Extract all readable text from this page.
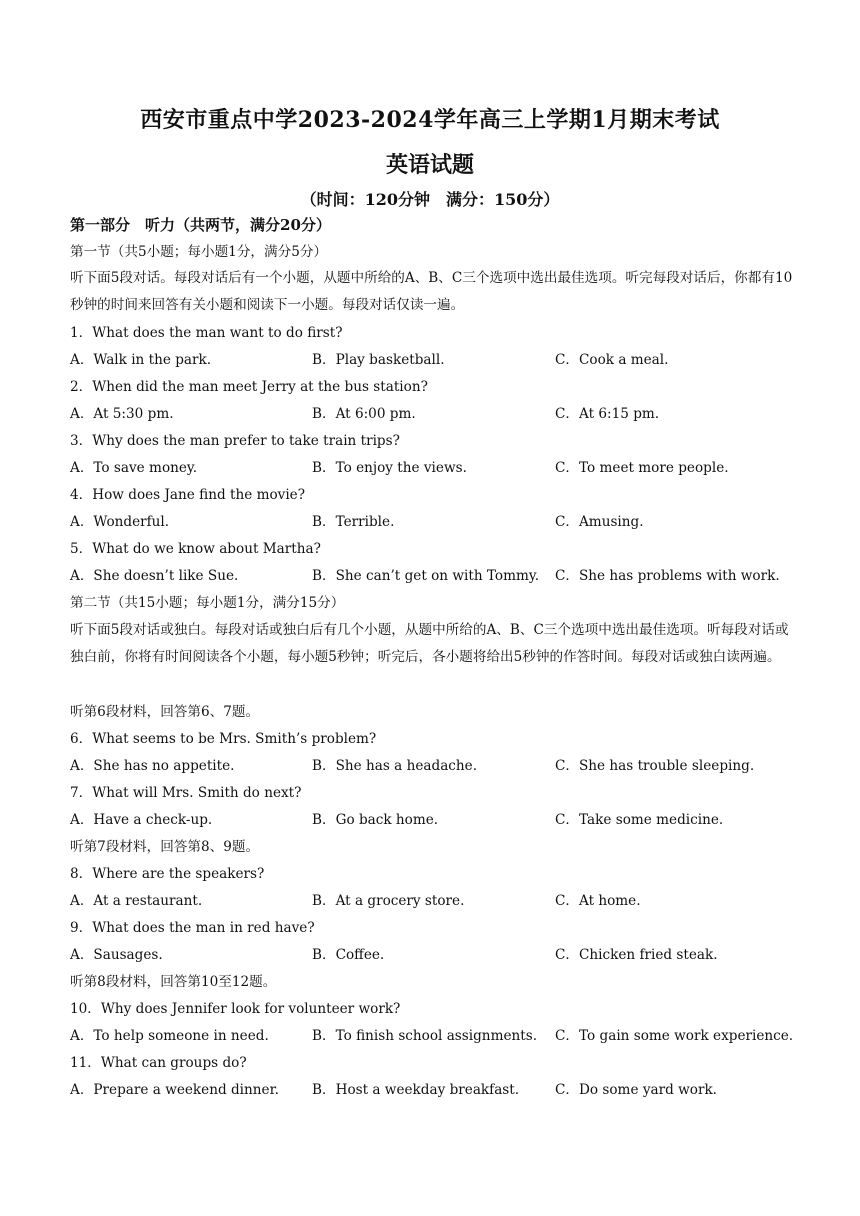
西安市重点中学2023-2024学年高三上学期1月期末考试
英语试题
（时间：120分钟　满分：150分）
第一部分　听力（共两节，满分20分）
第一节（共5小题；每小题1分，满分5分）
听下面5段对话。每段对话后有一个小题，从题中所给的A、B、C三个选项中选出最佳选项。听完每段对话后，你都有10秒钟的时间来回答有关小题和阅读下一小题。每段对话仅读一遍。
1．What does the man want to do first?
A．Walk in the park.	B．Play basketball.	C．Cook a meal.
2．When did the man meet Jerry at the bus station?
A．At 5:30 pm.	B．At 6:00 pm.	C．At 6:15 pm.
3．Why does the man prefer to take train trips?
A．To save money.	B．To enjoy the views.	C．To meet more people.
4．How does Jane find the movie?
A．Wonderful.	B．Terrible.	C．Amusing.
5．What do we know about Martha?
A．She doesn’t like Sue.	B．She can’t get on with Tommy. C．She has problems with work.
第二节（共15小题；每小题1分，满分15分）
听下面5段对话或独白。每段对话或独白后有几个小题，从题中所给的A、B、C三个选项中选出最佳选项。听每段对话或独白前，你将有时间阅读各个小题，每小题5秒钟；听完后，各小题将给出5秒钟的作答时间。每段对话或独白读两遍。
听第6段材料，回答第6、7题。
6．What seems to be Mrs. Smith’s problem?
A．She has no appetite.	B．She has a headache.	C．She has trouble sleeping.
7．What will Mrs. Smith do next?
A．Have a check-up.	B．Go back home.	C．Take some medicine.
听第7段材料，回答第8、9题。
8．Where are the speakers?
A．At a restaurant.	B．At a grocery store.	C．At home.
9．What does the man in red have?
A．Sausages.	B．Coffee.	C．Chicken fried steak.
听第8段材料，回答第10至12题。
10．Why does Jennifer look for volunteer work?
A．To help someone in need.	B．To finish school assignments. C．To gain some work experience.
11．What can groups do?
A．Prepare a weekend dinner. B．Host a weekday breakfast.	C．Do some yard work.
